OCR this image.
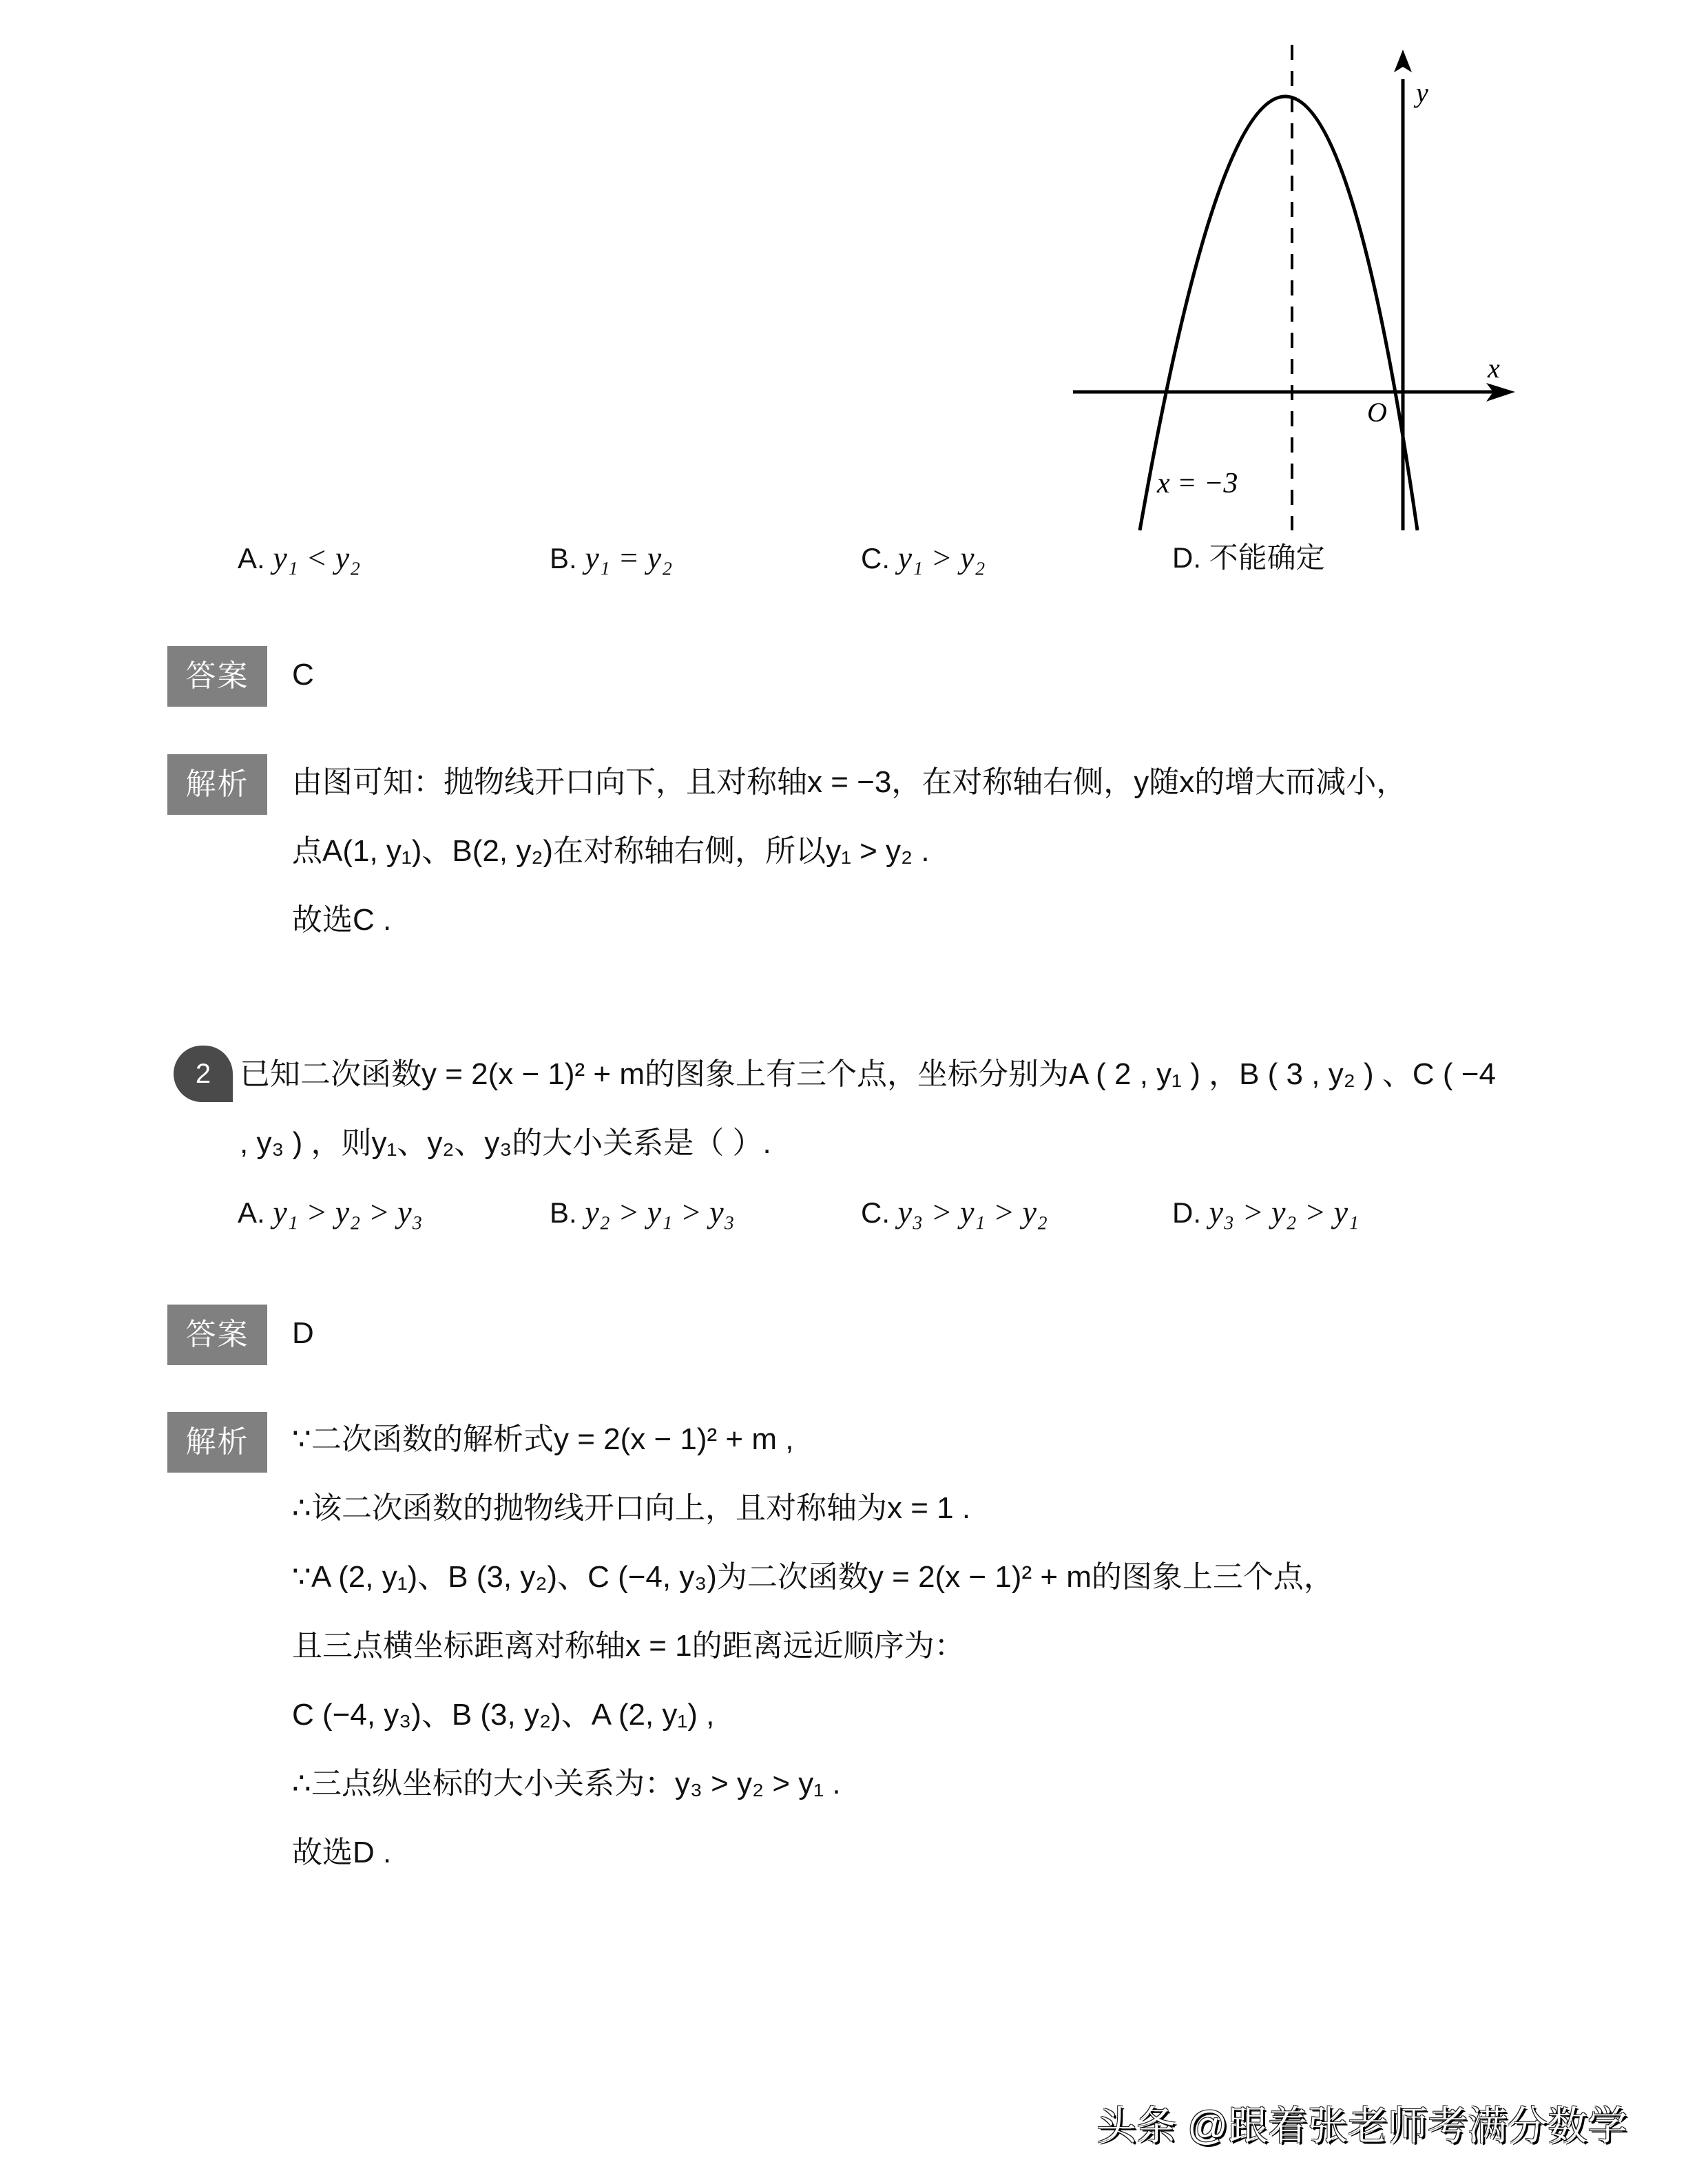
y
x
O
x = −3
A. y₁ < y₂	B. y₁ = y₂	C. y₁ > y₂	D. 不能确定
答案	C
解析	由图可知：抛物线开口向下，且对称轴x = −3，在对称轴右侧，y随x的增大而减小，
点A(1, y₁)、B(2, y₂)在对称轴右侧，所以y₁ > y₂ .
故选C .
2 已知二次函数y = 2(x − 1)² + m的图象上有三个点，坐标分别为A ( 2 , y₁ ) ，B ( 3 , y₂ ) 、C ( −4
, y₃ ) ，则y₁、y₂、y₃的大小关系是（ ）.
A. y₁ > y₂ > y₃	B. y₂ > y₁ > y₃	C. y₃ > y₁ > y₂	D. y₃ > y₂ > y₁
答案	D
解析	∵二次函数的解析式y = 2(x − 1)² + m ,
∴该二次函数的抛物线开口向上，且对称轴为x = 1 .
∵A (2, y₁)、B (3, y₂)、C (−4, y₃)为二次函数y = 2(x − 1)² + m的图象上三个点，
且三点横坐标距离对称轴x = 1的距离远近顺序为：
C (−4, y₃)、B (3, y₂)、A (2, y₁) ,
∴三点纵坐标的大小关系为：y₃ > y₂ > y₁ .
故选D .
头条 @跟着张老师考满分数学
